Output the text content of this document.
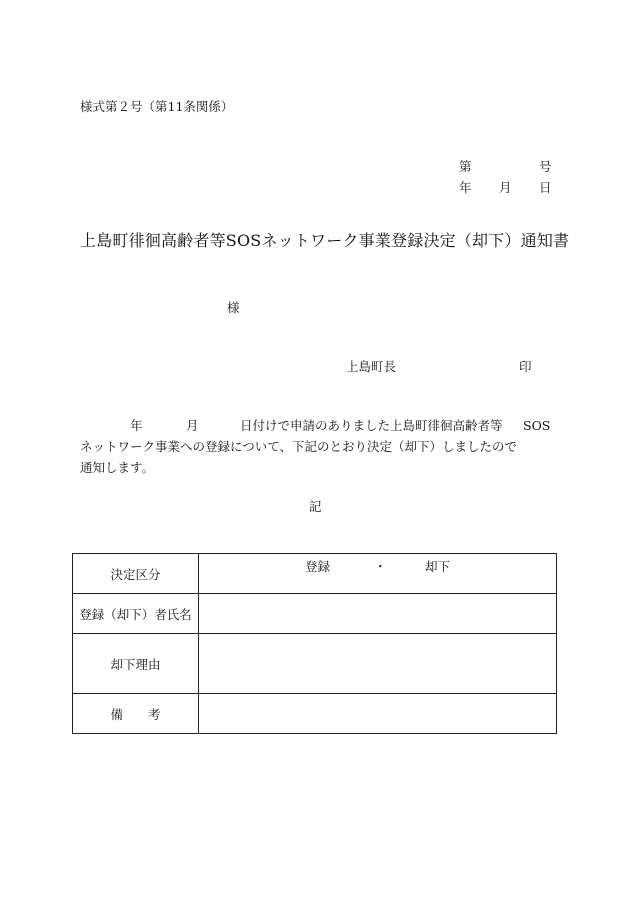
様式第２号（第11条関係）
第	号
年 月 日
上島町徘徊高齢者等SOSネットワーク事業登録決定（却下）通知書
様
上島町長	印
年	月	日付けで申請のありました上島町徘徊高齢者等 SOS
ネットワーク事業への登録について、下記のとおり決定（却下）しましたので
通知します。
記
決定区分	登録 ・ 却下

登録（却下）者氏名	
却下理由	
備　　考	
